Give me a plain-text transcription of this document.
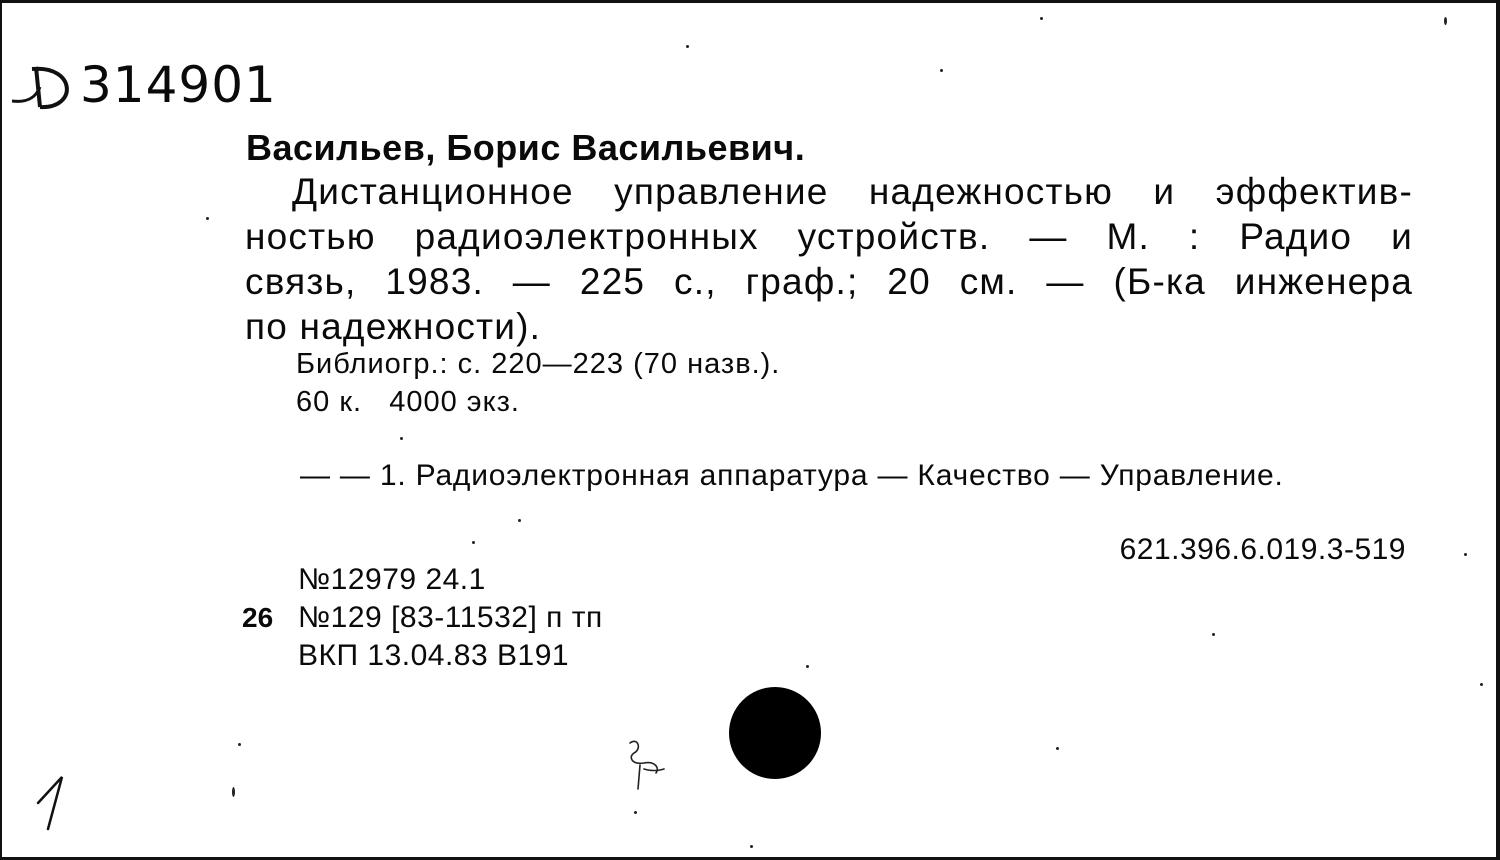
314901
Васильев, Борис Васильевич.
Дистанционное управление надежностью и эффектив-
ностью радиоэлектронных устройств. — М. : Радио и
связь, 1983. — 225 с., граф.; 20 см. — (Б-ка инженера
по надежности).
Библиогр.: с. 220—223 (70 назв.).
60 к.   4000 экз.
— — 1. Радиоэлектронная аппаратура — Качество — Управление.
621.396.6.019.3-519
26
№12979 24.1
№129 [83-11532] п тп
ВКП 13.04.83 В191
